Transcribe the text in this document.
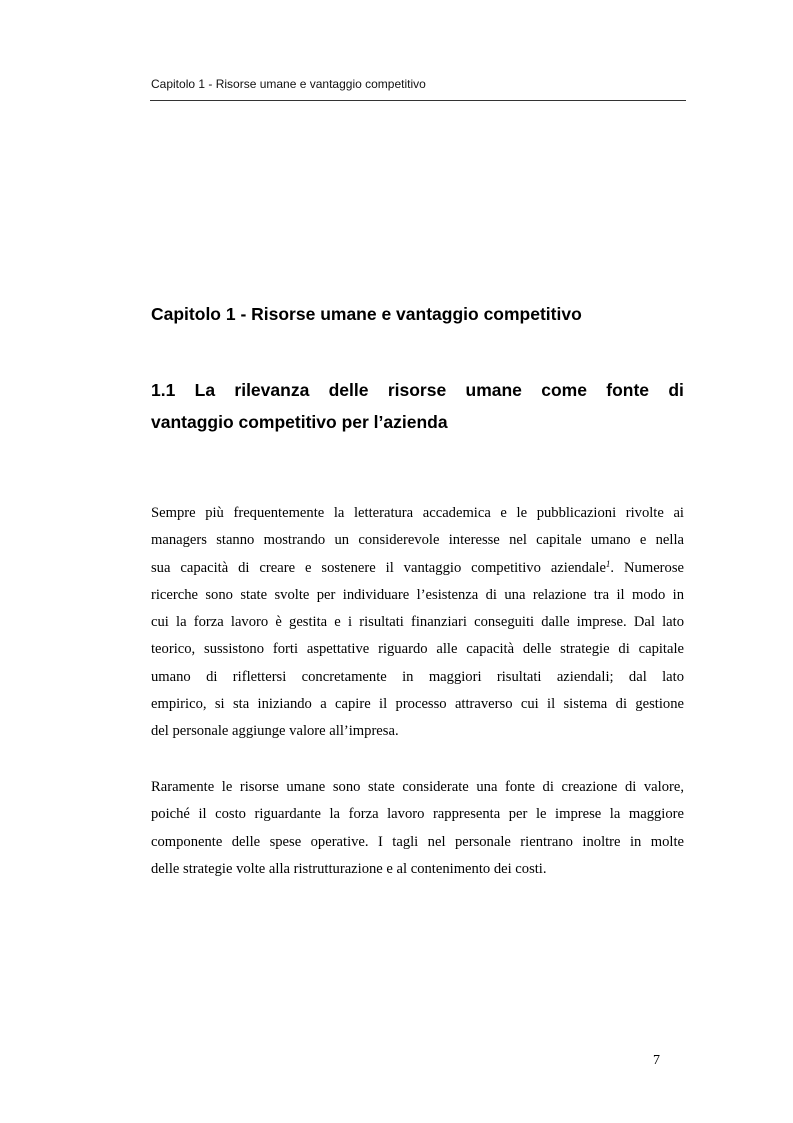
Capitolo 1 - Risorse umane e vantaggio competitivo
Capitolo 1 - Risorse umane e vantaggio competitivo
1.1 La rilevanza delle risorse umane come fonte di
vantaggio competitivo per l’azienda
Sempre più frequentemente la letteratura accademica e le pubblicazioni rivolte ai
managers stanno mostrando un considerevole interesse nel capitale umano e nella
sua capacità di creare e sostenere il vantaggio competitivo aziendale$^1$. Numerose
ricerche sono state svolte per individuare l’esistenza di una relazione tra il modo in
cui la forza lavoro è gestita e i risultati finanziari conseguiti dalle imprese. Dal lato
teorico, sussistono forti aspettative riguardo alle capacità delle strategie di capitale
umano di riflettersi concretamente in maggiori risultati aziendali; dal lato
empirico, si sta iniziando a capire il processo attraverso cui il sistema di gestione
del personale aggiunge valore all’impresa.
Raramente le risorse umane sono state considerate una fonte di creazione di valore,
poiché il costo riguardante la forza lavoro rappresenta per le imprese la maggiore
componente delle spese operative. I tagli nel personale rientrano inoltre in molte
delle strategie volte alla ristrutturazione e al contenimento dei costi.
7
